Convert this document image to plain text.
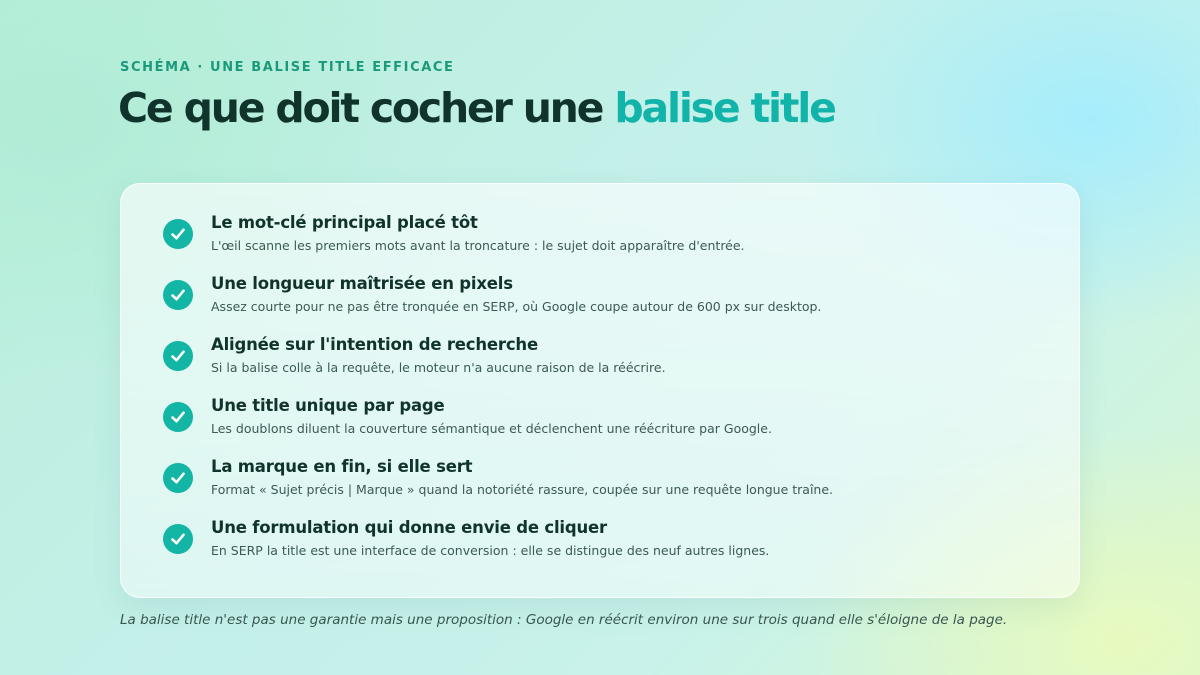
SCHÉMA · UNE BALISE TITLE EFFICACE
Ce que doit cocher une balise title
Le mot-clé principal placé tôt
L'œil scanne les premiers mots avant la troncature : le sujet doit apparaître d'entrée.
Une longueur maîtrisée en pixels
Assez courte pour ne pas être tronquée en SERP, où Google coupe autour de 600 px sur desktop.
Alignée sur l'intention de recherche
Si la balise colle à la requête, le moteur n'a aucune raison de la réécrire.
Une title unique par page
Les doublons diluent la couverture sémantique et déclenchent une réécriture par Google.
La marque en fin, si elle sert
Format « Sujet précis | Marque » quand la notoriété rassure, coupée sur une requête longue traîne.
Une formulation qui donne envie de cliquer
En SERP la title est une interface de conversion : elle se distingue des neuf autres lignes.
La balise title n'est pas une garantie mais une proposition : Google en réécrit environ une sur trois quand elle s'éloigne de la page.
